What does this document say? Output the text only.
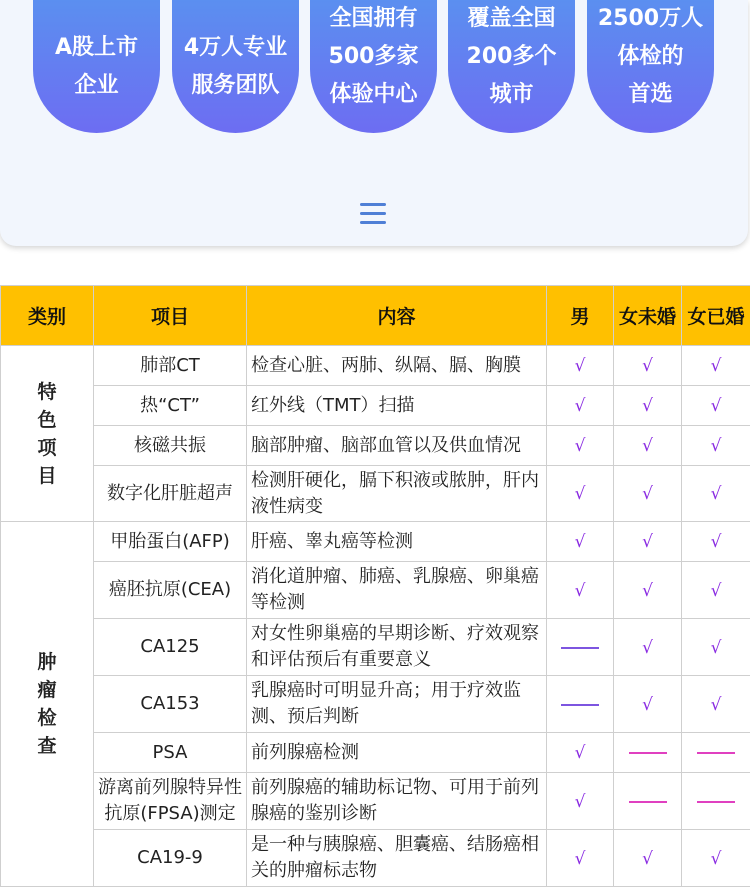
A股上市
企业
4万人专业
服务团队
全国拥有
500多家
体验中心
覆盖全国
200多个
城市
2500万人
体检的
首选
类别	项目	内容	男	女未婚	女已婚

特
色
项
目	肺部CT	检查心脏、两肺、纵隔、膈、胸膜	√	√	√
	热“CT”	红外线（TMT）扫描	√	√	√
	核磁共振	脑部肿瘤、脑部血管以及供血情况	√	√	√
	数字化肝脏超声	检测肝硬化，膈下积液或脓肿，肝内液性病变	√	√	√

肿
瘤
检
查	甲胎蛋白(AFP)	肝癌、睾丸癌等检测	√	√	√
	癌胚抗原(CEA)	消化道肿瘤、肺癌、乳腺癌、卵巢癌等检测	√	√	√
	CA125	对女性卵巢癌的早期诊断、疗效观察和评估预后有重要意义		√	√
	CA153	乳腺癌时可明显升高；用于疗效监测、预后判断		√	√
	PSA	前列腺癌检测	√		
	游离前列腺特异性抗原(FPSA)测定	前列腺癌的辅助标记物、可用于前列腺癌的鉴别诊断	√		
	CA19-9	是一种与胰腺癌、胆囊癌、结肠癌相关的肿瘤标志物	√	√	√
